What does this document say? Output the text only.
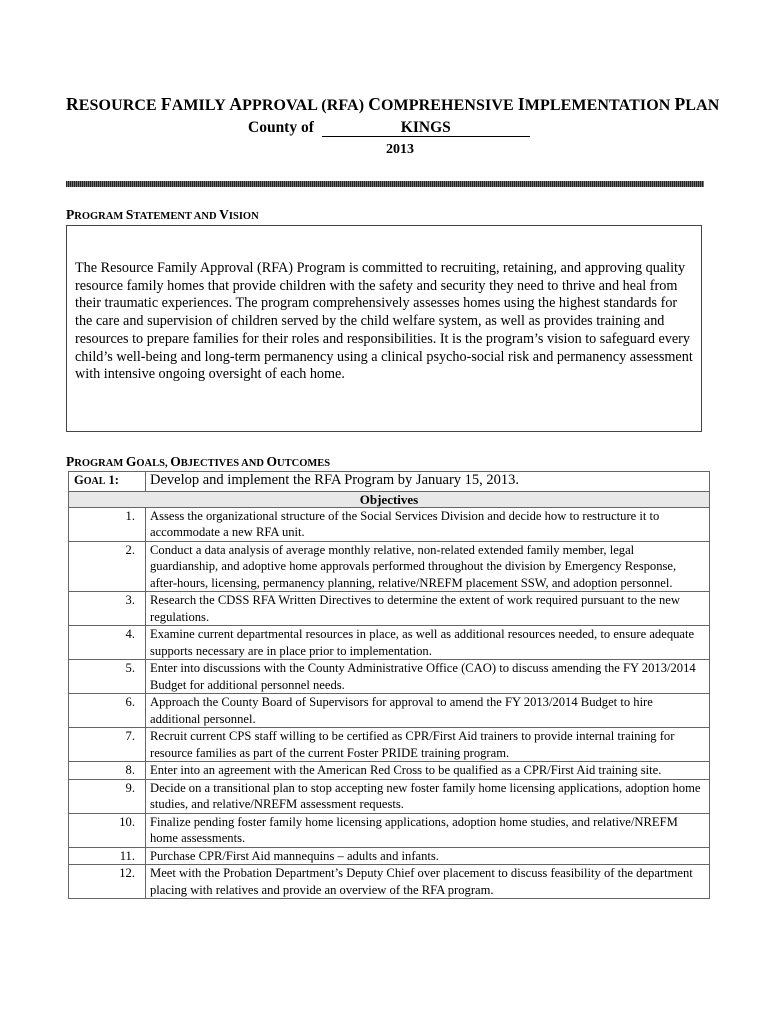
RESOURCE FAMILY APPROVAL (RFA) COMPREHENSIVE IMPLEMENTATION PLAN
County of	KINGS
2013
PROGRAM STATEMENT AND VISION
The Resource Family Approval (RFA) Program is committed to recruiting, retaining, and approving quality resource family homes that provide children with the safety and security they need to thrive and heal from their traumatic experiences. The program comprehensively assesses homes using the highest standards for the care and supervision of children served by the child welfare system, as well as provides training and resources to prepare families for their roles and responsibilities. It is the program’s vision to safeguard every child’s well-being and long-term permanency using a clinical psycho-social risk and permanency assessment with intensive ongoing oversight of each home.
PROGRAM GOALS, OBJECTIVES AND OUTCOMES
GOAL 1:	Develop and implement the RFA Program by January 15, 2013.
Objectives	
1.	Assess the organizational structure of the Social Services Division and decide how to restructure it to accommodate a new RFA unit.
2.	Conduct a data analysis of average monthly relative, non-related extended family member, legal guardianship, and adoptive home approvals performed throughout the division by Emergency Response, after-hours, licensing, permanency planning, relative/NREFM placement SSW, and adoption personnel.
3.	Research the CDSS RFA Written Directives to determine the extent of work required pursuant to the new regulations.
4.	Examine current departmental resources in place, as well as additional resources needed, to ensure adequate supports necessary are in place prior to implementation.
5.	Enter into discussions with the County Administrative Office (CAO) to discuss amending the FY 2013/2014 Budget for additional personnel needs.
6.	Approach the County Board of Supervisors for approval to amend the FY 2013/2014 Budget to hire additional personnel.
7.	Recruit current CPS staff willing to be certified as CPR/First Aid trainers to provide internal training for resource families as part of the current Foster PRIDE training program.
8.	Enter into an agreement with the American Red Cross to be qualified as a CPR/First Aid training site.
9.	Decide on a transitional plan to stop accepting new foster family home licensing applications, adoption home studies, and relative/NREFM assessment requests.
10.	Finalize pending foster family home licensing applications, adoption home studies, and relative/NREFM home assessments.
11.	Purchase CPR/First Aid mannequins – adults and infants.
12.	Meet with the Probation Department’s Deputy Chief over placement to discuss feasibility of the department placing with relatives and provide an overview of the RFA program.
